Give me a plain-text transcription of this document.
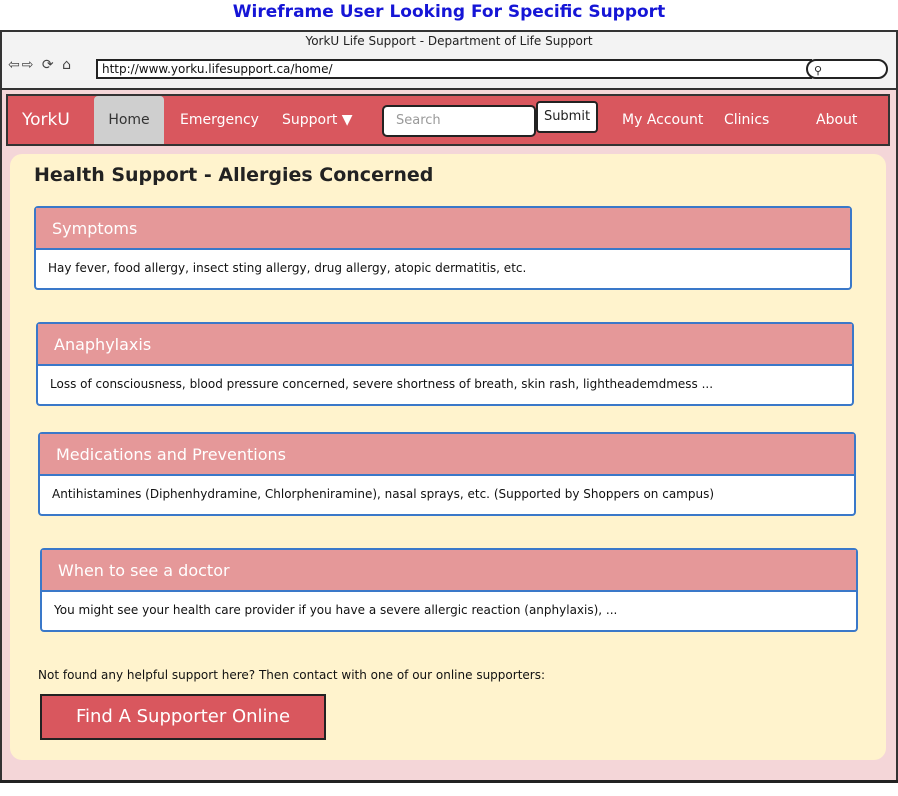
Wireframe User Looking For Specific Support
YorkU Life Support - Department of Life Support
⇦⇨ ⟳ ⌂	http://www.yorku.lifesupport.ca/home/	⚲
YorkU	Home	Emergency Support ▼	Search	Submit	My Account Clinics	About
Health Support - Allergies Concerned
Symptoms
Hay fever, food allergy, insect sting allergy, drug allergy, atopic dermatitis, etc.
Anaphylaxis
Loss of consciousness, blood pressure concerned, severe shortness of breath, skin rash, lightheademdmess ...
Medications and Preventions
Antihistamines (Diphenhydramine, Chlorpheniramine), nasal sprays, etc. (Supported by Shoppers on campus)
When to see a doctor
You might see your health care provider if you have a severe allergic reaction (anphylaxis), ...
Not found any helpful support here? Then contact with one of our online supporters:
Find A Supporter Online
